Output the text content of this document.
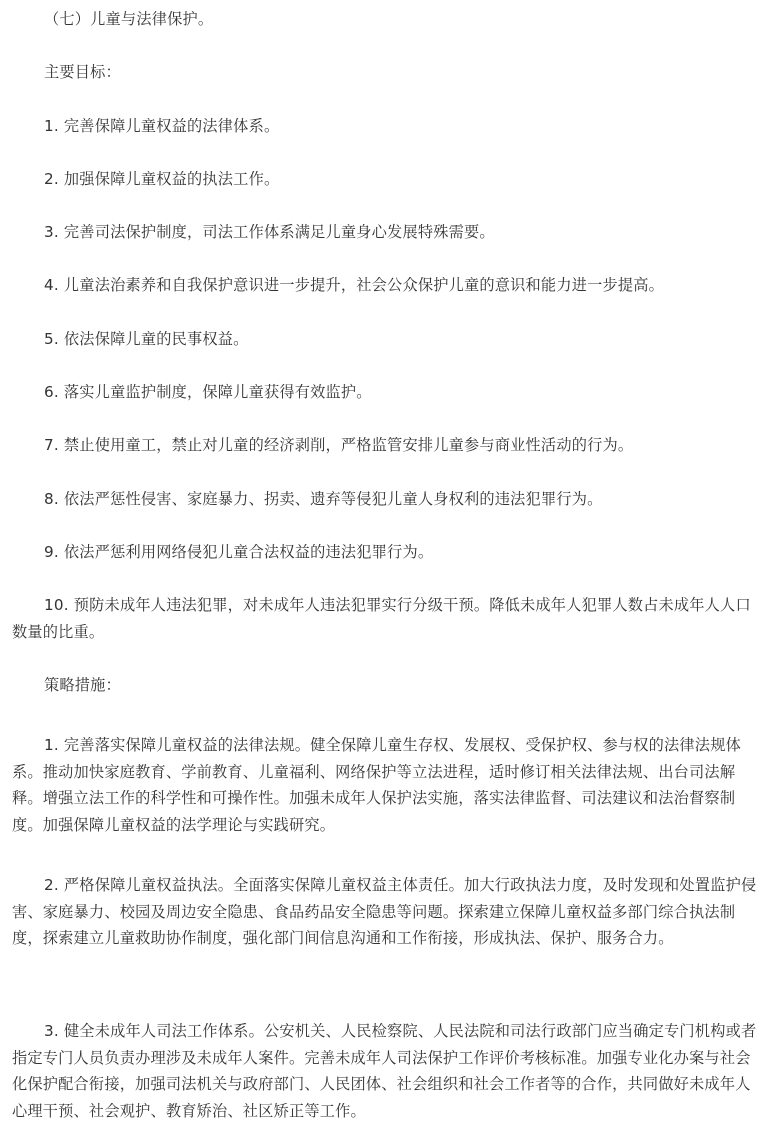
（七）儿童与法律保护。

主要目标：

1. 完善保障儿童权益的法律体系。

2. 加强保障儿童权益的执法工作。

3. 完善司法保护制度，司法工作体系满足儿童身心发展特殊需要。

4. 儿童法治素养和自我保护意识进一步提升，社会公众保护儿童的意识和能力进一步提高。

5. 依法保障儿童的民事权益。

6. 落实儿童监护制度，保障儿童获得有效监护。

7. 禁止使用童工，禁止对儿童的经济剥削，严格监管安排儿童参与商业性活动的行为。

8. 依法严惩性侵害、家庭暴力、拐卖、遗弃等侵犯儿童人身权利的违法犯罪行为。

9. 依法严惩利用网络侵犯儿童合法权益的违法犯罪行为。

10. 预防未成年人违法犯罪，对未成年人违法犯罪实行分级干预。降低未成年人犯罪人数占未成年人人口数量的比重。

策略措施：

1. 完善落实保障儿童权益的法律法规。健全保障儿童生存权、发展权、受保护权、参与权的法律法规体系。推动加快家庭教育、学前教育、儿童福利、网络保护等立法进程，适时修订相关法律法规、出台司法解释。增强立法工作的科学性和可操作性。加强未成年人保护法实施，落实法律监督、司法建议和法治督察制度。加强保障儿童权益的法学理论与实践研究。

2. 严格保障儿童权益执法。全面落实保障儿童权益主体责任。加大行政执法力度，及时发现和处置监护侵害、家庭暴力、校园及周边安全隐患、食品药品安全隐患等问题。探索建立保障儿童权益多部门综合执法制度，探索建立儿童救助协作制度，强化部门间信息沟通和工作衔接，形成执法、保护、服务合力。

3. 健全未成年人司法工作体系。公安机关、人民检察院、人民法院和司法行政部门应当确定专门机构或者指定专门人员负责办理涉及未成年人案件。完善未成年人司法保护工作评价考核标准。加强专业化办案与社会化保护配合衔接，加强司法机关与政府部门、人民团体、社会组织和社会工作者等的合作，共同做好未成年人心理干预、社会观护、教育矫治、社区矫正等工作。
